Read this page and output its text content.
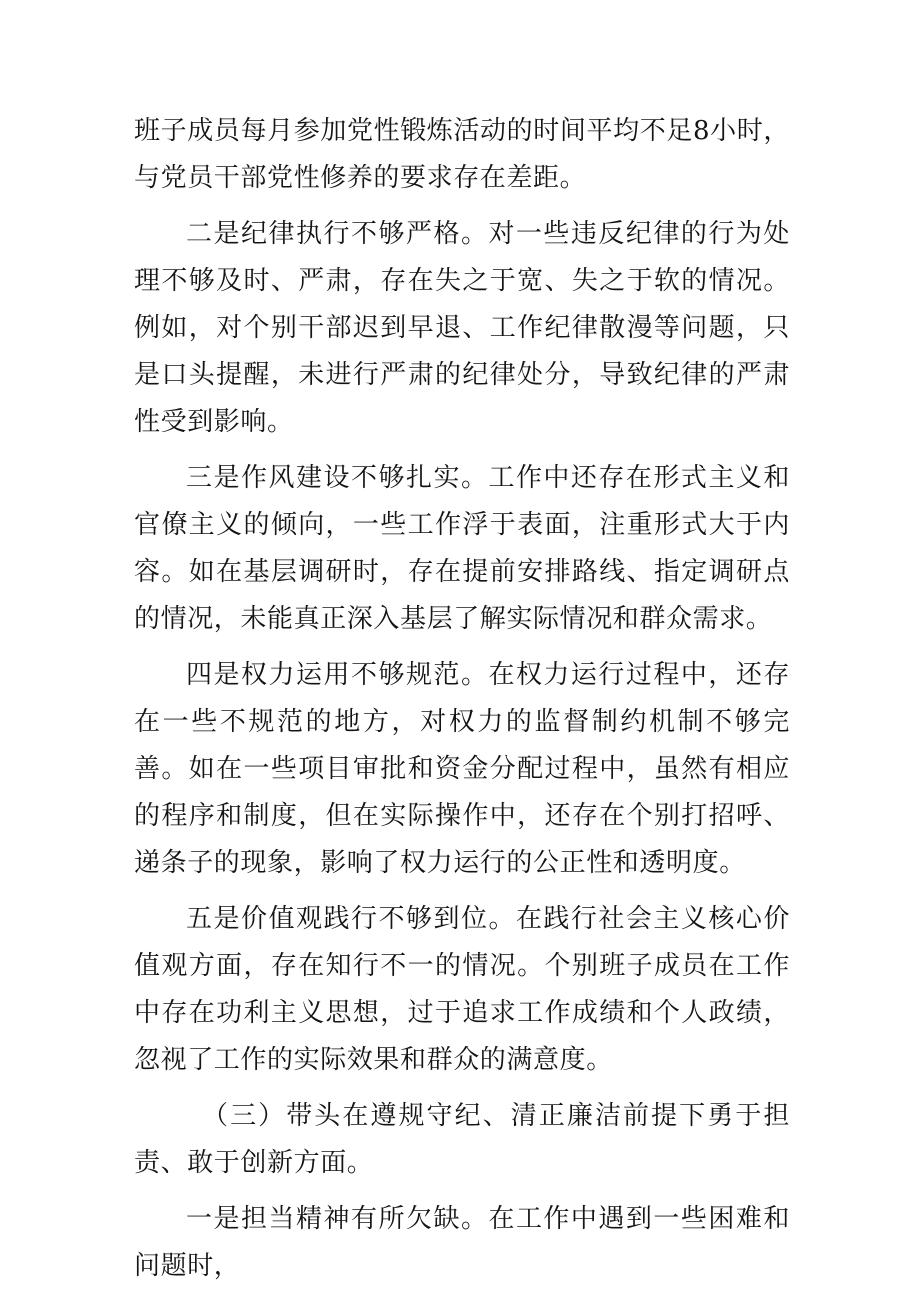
班子成员每月参加党性锻炼活动的时间平均不足8小时，与党员干部党性修养的要求存在差距。

二是纪律执行不够严格。对一些违反纪律的行为处理不够及时、严肃，存在失之于宽、失之于软的情况。例如，对个别干部迟到早退、工作纪律散漫等问题，只是口头提醒，未进行严肃的纪律处分，导致纪律的严肃性受到影响。

三是作风建设不够扎实。工作中还存在形式主义和官僚主义的倾向，一些工作浮于表面，注重形式大于内容。如在基层调研时，存在提前安排路线、指定调研点的情况，未能真正深入基层了解实际情况和群众需求。

四是权力运用不够规范。在权力运行过程中，还存在一些不规范的地方，对权力的监督制约机制不够完善。如在一些项目审批和资金分配过程中，虽然有相应的程序和制度，但在实际操作中，还存在个别打招呼、递条子的现象，影响了权力运行的公正性和透明度。

五是价值观践行不够到位。在践行社会主义核心价值观方面，存在知行不一的情况。个别班子成员在工作中存在功利主义思想，过于追求工作成绩和个人政绩，忽视了工作的实际效果和群众的满意度。

（三）带头在遵规守纪、清正廉洁前提下勇于担责、敢于创新方面。

一是担当精神有所欠缺。在工作中遇到一些困难和问题时，
